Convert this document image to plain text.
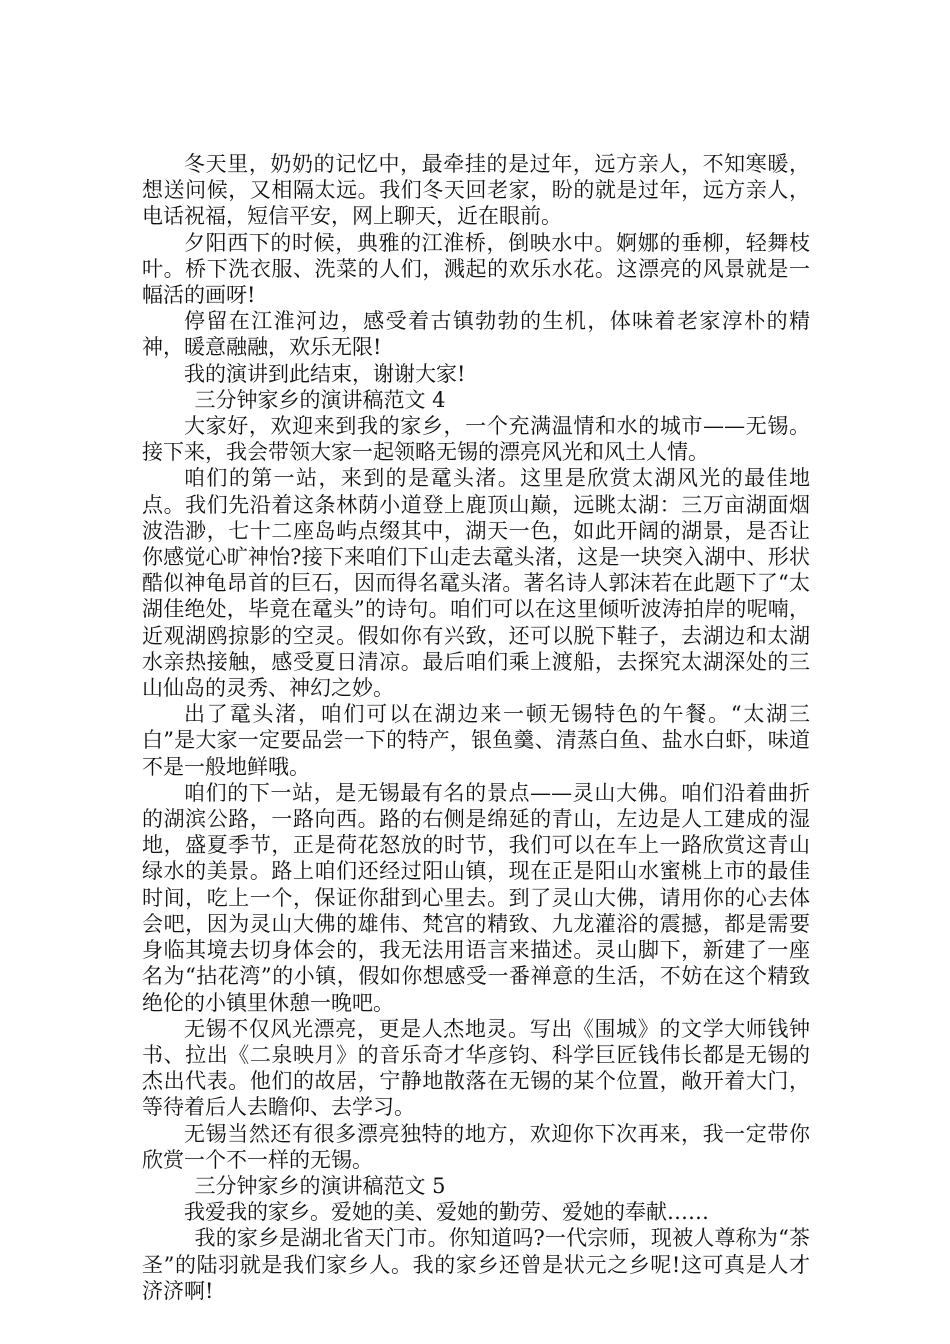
冬天里，奶奶的记忆中，最牵挂的是过年，远方亲人，不知寒暖，想送问候，又相隔太远。我们冬天回老家，盼的就是过年，远方亲人，电话祝福，短信平安，网上聊天，近在眼前。

夕阳西下的时候，典雅的江淮桥，倒映水中。婀娜的垂柳，轻舞枝叶。桥下洗衣服、洗菜的人们，溅起的欢乐水花。这漂亮的风景就是一幅活的画呀!

停留在江淮河边，感受着古镇勃勃的生机，体味着老家淳朴的精神，暖意融融，欢乐无限!

我的演讲到此结束，谢谢大家!

三分钟家乡的演讲稿范文 4

大家好，欢迎来到我的家乡，一个充满温情和水的城市——无锡。接下来，我会带领大家一起领略无锡的漂亮风光和风土人情。

咱们的第一站，来到的是鼋头渚。这里是欣赏太湖风光的最佳地点。我们先沿着这条林荫小道登上鹿顶山巅，远眺太湖：三万亩湖面烟波浩渺，七十二座岛屿点缀其中，湖天一色，如此开阔的湖景，是否让你感觉心旷神怡?接下来咱们下山走去鼋头渚，这是一块突入湖中、形状酷似神龟昂首的巨石，因而得名鼋头渚。著名诗人郭沫若在此题下了“太湖佳绝处，毕竟在鼋头”的诗句。咱们可以在这里倾听波涛拍岸的呢喃，近观湖鸥掠影的空灵。假如你有兴致，还可以脱下鞋子，去湖边和太湖水亲热接触，感受夏日清凉。最后咱们乘上渡船，去探究太湖深处的三山仙岛的灵秀、神幻之妙。

出了鼋头渚，咱们可以在湖边来一顿无锡特色的午餐。“太湖三白”是大家一定要品尝一下的特产，银鱼羹、清蒸白鱼、盐水白虾，味道不是一般地鲜哦。

咱们的下一站，是无锡最有名的景点——灵山大佛。咱们沿着曲折的湖滨公路，一路向西。路的右侧是绵延的青山，左边是人工建成的湿地，盛夏季节，正是荷花怒放的时节，我们可以在车上一路欣赏这青山绿水的美景。路上咱们还经过阳山镇，现在正是阳山水蜜桃上市的最佳时间，吃上一个，保证你甜到心里去。到了灵山大佛，请用你的心去体会吧，因为灵山大佛的雄伟、梵宫的精致、九龙灌浴的震撼，都是需要身临其境去切身体会的，我无法用语言来描述。灵山脚下，新建了一座名为“拈花湾”的小镇，假如你想感受一番禅意的生活，不妨在这个精致绝伦的小镇里休憩一晚吧。

无锡不仅风光漂亮，更是人杰地灵。写出《围城》的文学大师钱钟书、拉出《二泉映月》的音乐奇才华彦钧、科学巨匠钱伟长都是无锡的杰出代表。他们的故居，宁静地散落在无锡的某个位置，敞开着大门，等待着后人去瞻仰、去学习。

无锡当然还有很多漂亮独特的地方，欢迎你下次再来，我一定带你欣赏一个不一样的无锡。

三分钟家乡的演讲稿范文 5

我爱我的家乡。爱她的美、爱她的勤劳、爱她的奉献……

我的家乡是湖北省天门市。你知道吗?一代宗师，现被人尊称为“茶圣”的陆羽就是我们家乡人。我的家乡还曾是状元之乡呢!这可真是人才济济啊!
